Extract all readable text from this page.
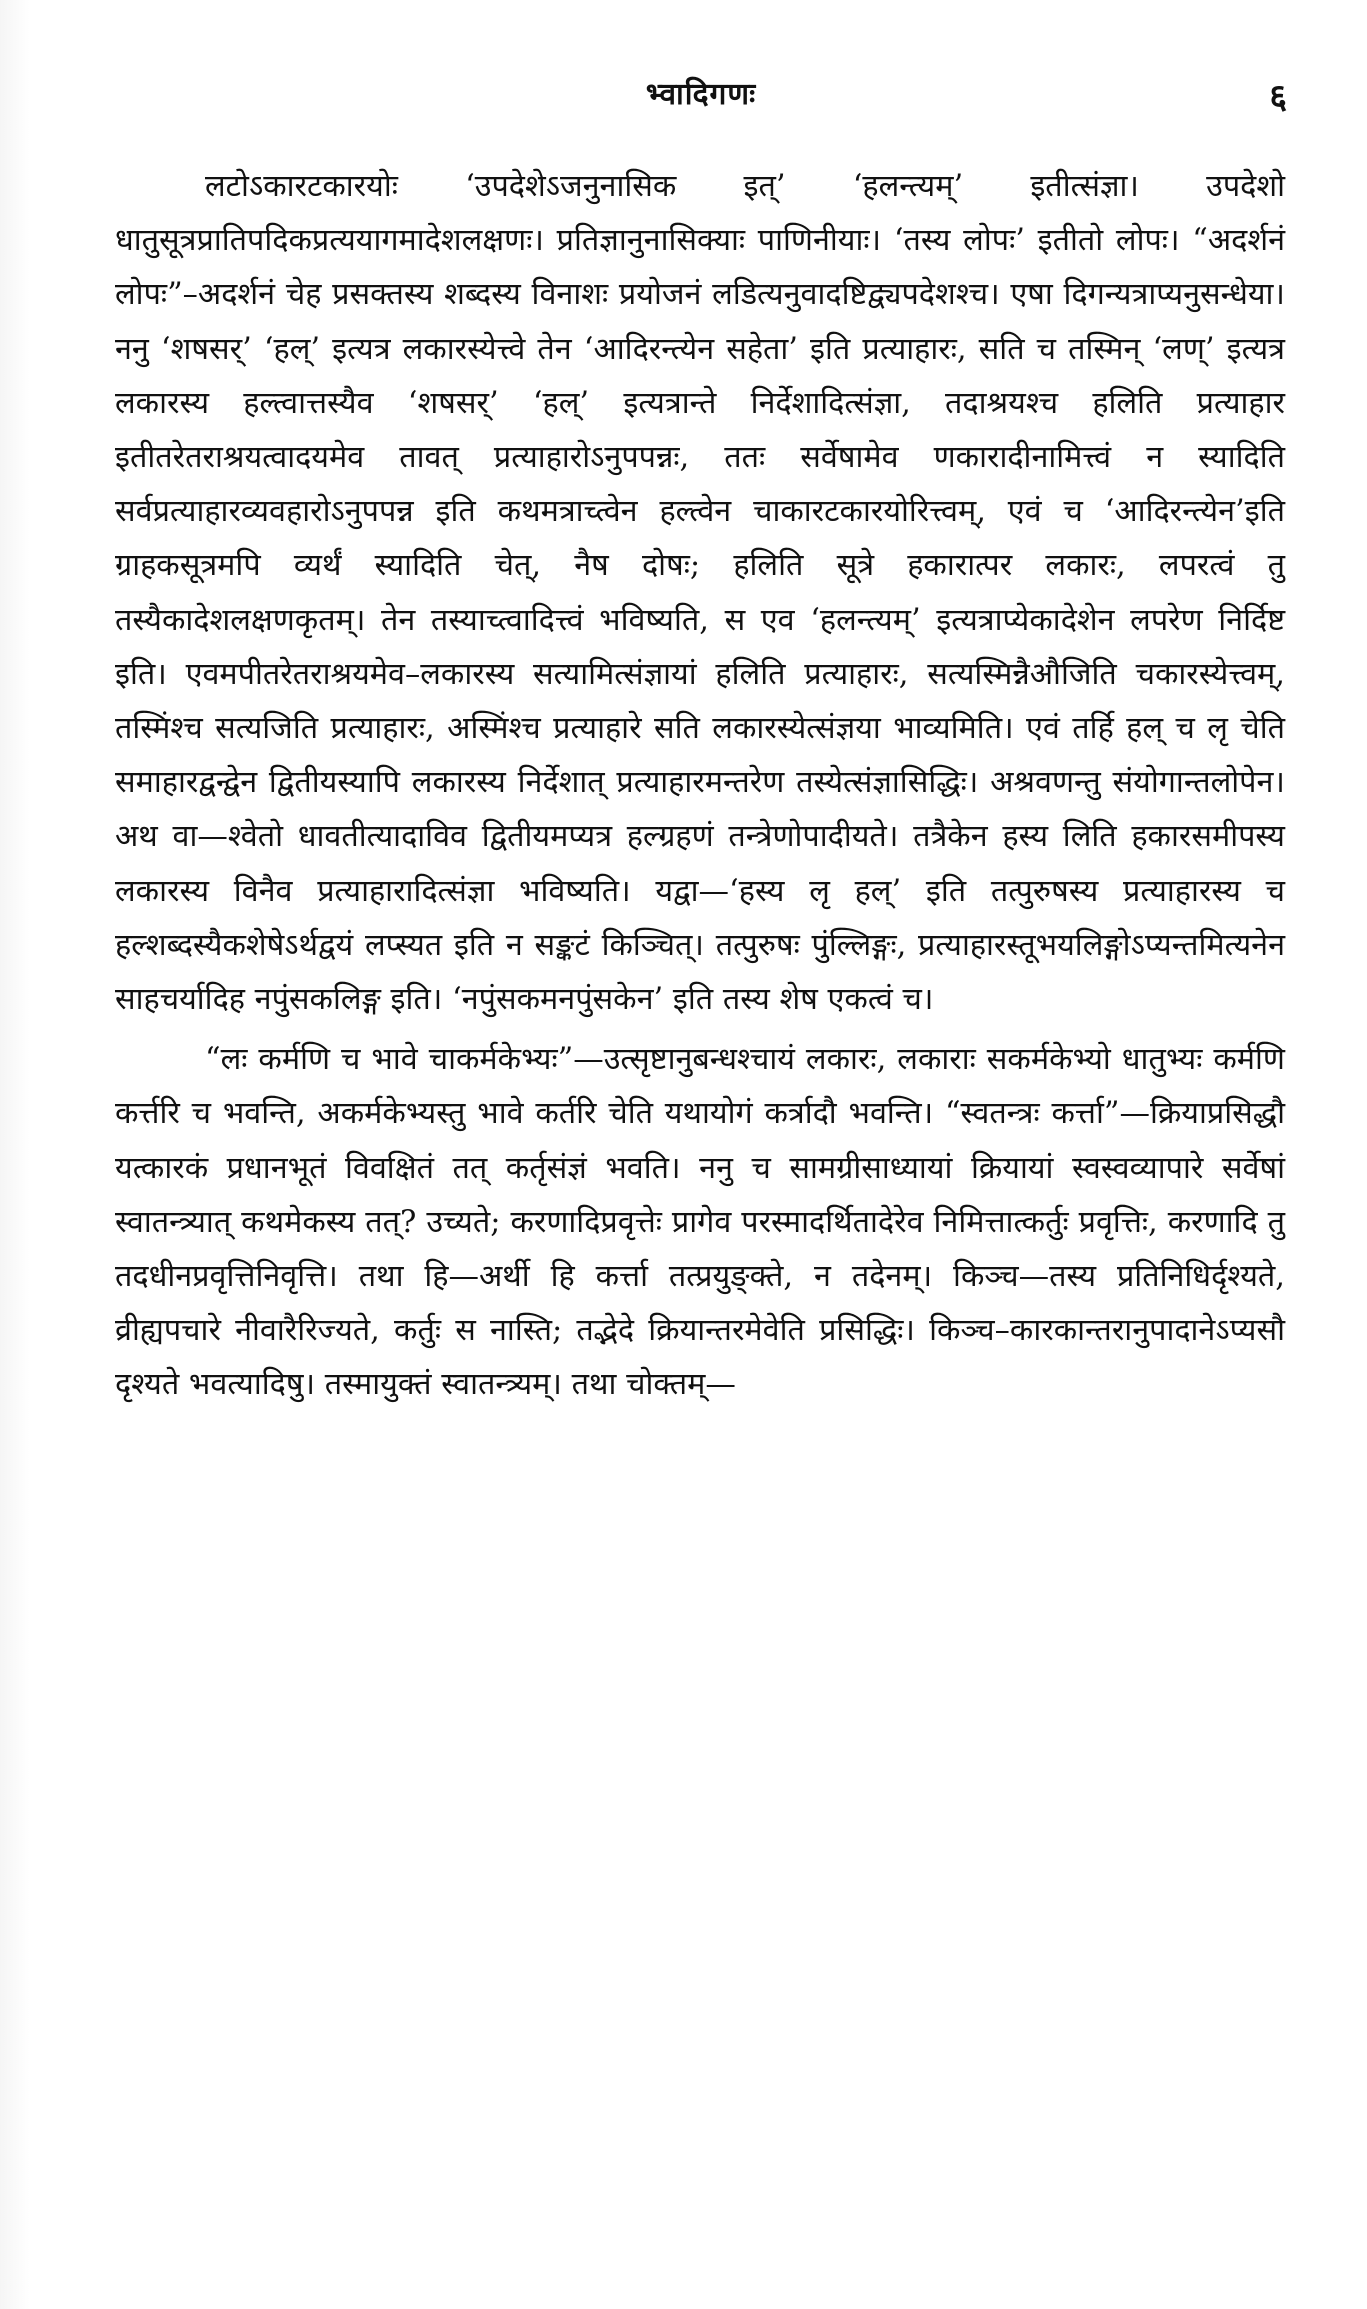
भ्वादिगणः	६

लटोऽकारटकारयोः ‘उपदेशेऽजनुनासिक इत्’ ‘हलन्त्यम्’ इतीत्संज्ञा। उपदेशो धातुसूत्रप्रातिपदिकप्रत्ययागमादेशलक्षणः। प्रतिज्ञानुनासिक्याः पाणिनीयाः। ‘तस्य लोपः’ इतीतो लोपः। “अदर्शनं लोपः”–अदर्शनं चेह प्रसक्तस्य शब्दस्य विनाशः प्रयोजनं लडित्यनुवादष्टिद्व्यपदेशश्च। एषा दिगन्यत्राप्यनुसन्धेया। ननु ‘शषसर्’ ‘हल्’ इत्यत्र लकारस्येत्त्वे तेन ‘आदिरन्त्येन सहेता’ इति प्रत्याहारः, सति च तस्मिन् ‘लण्’ इत्यत्र लकारस्य हल्त्वात्तस्यैव ‘शषसर्’ ‘हल्’ इत्यत्रान्ते निर्देशादित्संज्ञा, तदाश्रयश्च हलिति प्रत्याहार इतीतरेतराश्रयत्वादयमेव तावत् प्रत्याहारोऽनुपपन्नः, ततः सर्वेषामेव णकारादीनामित्त्वं न स्यादिति सर्वप्रत्याहारव्यवहारोऽनुपपन्न इति कथमत्राच्त्वेन हल्त्वेन चाकारटकारयोरित्त्वम्, एवं च ‘आदिरन्त्येन’इति ग्राहकसूत्रमपि व्यर्थं स्यादिति चेत्, नैष दोषः; हलिति सूत्रे हकारात्पर लकारः, लपरत्वं तु तस्यैकादेशलक्षणकृतम्। तेन तस्याच्त्वादित्त्वं भविष्यति, स एव ‘हलन्त्यम्’ इत्यत्राप्येकादेशेन लपरेण निर्दिष्ट इति। एवमपीतरेतराश्रयमेव–लकारस्य सत्यामित्संज्ञायां हलिति प्रत्याहारः, सत्यस्मिन्नैऔजिति चकारस्येत्त्वम्, तस्मिंश्च सत्यजिति प्रत्याहारः, अस्मिंश्च प्रत्याहारे सति लकारस्येत्संज्ञया भाव्यमिति। एवं तर्हि हल् च लृ चेति समाहारद्वन्द्वेन द्वितीयस्यापि लकारस्य निर्देशात् प्रत्याहारमन्तरेण तस्येत्संज्ञासिद्धिः। अश्रवणन्तु संयोगान्तलोपेन। अथ वा—श्वेतो धावतीत्यादाविव द्वितीयमप्यत्र हल्ग्रहणं तन्त्रेणोपादीयते। तत्रैकेन हस्य लिति हकारसमीपस्य लकारस्य विनैव प्रत्याहारादित्संज्ञा भविष्यति। यद्वा—‘हस्य लृ हल्’ इति तत्पुरुषस्य प्रत्याहारस्य च हल्शब्दस्यैकशेषेऽर्थद्वयं लप्स्यत इति न सङ्कटं किञ्चित्। तत्पुरुषः पुंल्लिङ्गः, प्रत्याहारस्तूभयलिङ्गोऽप्यन्तमित्यनेन साहचर्यादिह नपुंसकलिङ्ग इति। ‘नपुंसकमनपुंसकेन’ इति तस्य शेष एकत्वं च।

“लः कर्मणि च भावे चाकर्मकेभ्यः”—उत्सृष्टानुबन्धश्चायं लकारः, लकाराः सकर्मकेभ्यो धातुभ्यः कर्मणि कर्त्तरि च भवन्ति, अकर्मकेभ्यस्तु भावे कर्तरि चेति यथायोगं कर्त्रादौ भवन्ति। “स्वतन्त्रः कर्त्ता”—क्रियाप्रसिद्धौ यत्कारकं प्रधानभूतं विवक्षितं तत् कर्तृसंज्ञं भवति। ननु च सामग्रीसाध्यायां क्रियायां स्वस्वव्यापारे सर्वेषां स्वातन्त्र्यात् कथमेकस्य तत्? उच्यते; करणादिप्रवृत्तेः प्रागेव परस्मादर्थितादेरेव निमित्तात्कर्तुः प्रवृत्तिः, करणादि तु तदधीनप्रवृत्तिनिवृत्ति। तथा हि—अर्थी हि कर्त्ता तत्प्रयुङ्क्ते, न तदेनम्। किञ्च—तस्य प्रतिनिधिर्दृश्यते, व्रीह्यपचारे नीवारैरिज्यते, कर्तुः स नास्ति; तद्भेदे क्रियान्तरमेवेति प्रसिद्धिः। किञ्च–कारकान्तरानुपादानेऽप्यसौ दृश्यते भवत्यादिषु। तस्मायुक्तं स्वातन्त्र्यम्। तथा चोक्तम्—
